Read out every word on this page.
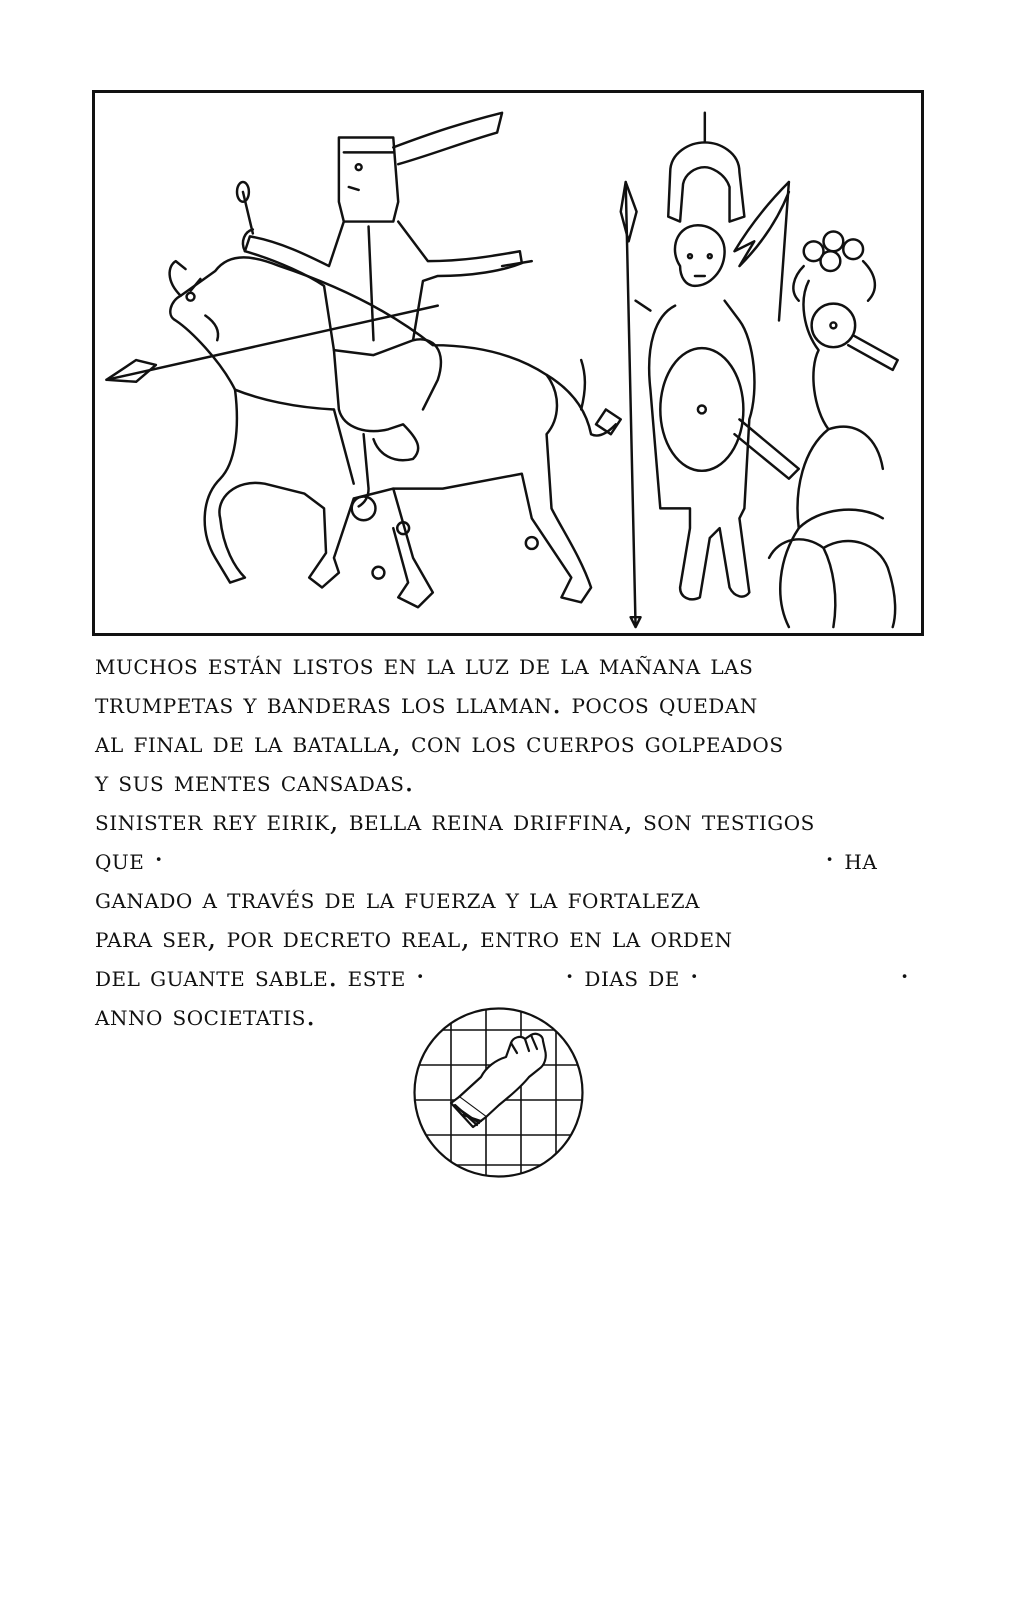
muchos están listos en la luz de la mañana las
trumpetas y banderas los llaman. pocos quedan
al final de la batalla, con los cuerpos golpeados
y sus mentes cansadas.
sinister rey eirik, bella reina driffina, son testigos
que ·	· ha
ganado a través de la fuerza y la fortaleza
para ser, por decreto real, entro en la orden
del guante sable. este ·	· dias de ·	·
anno societatis.
